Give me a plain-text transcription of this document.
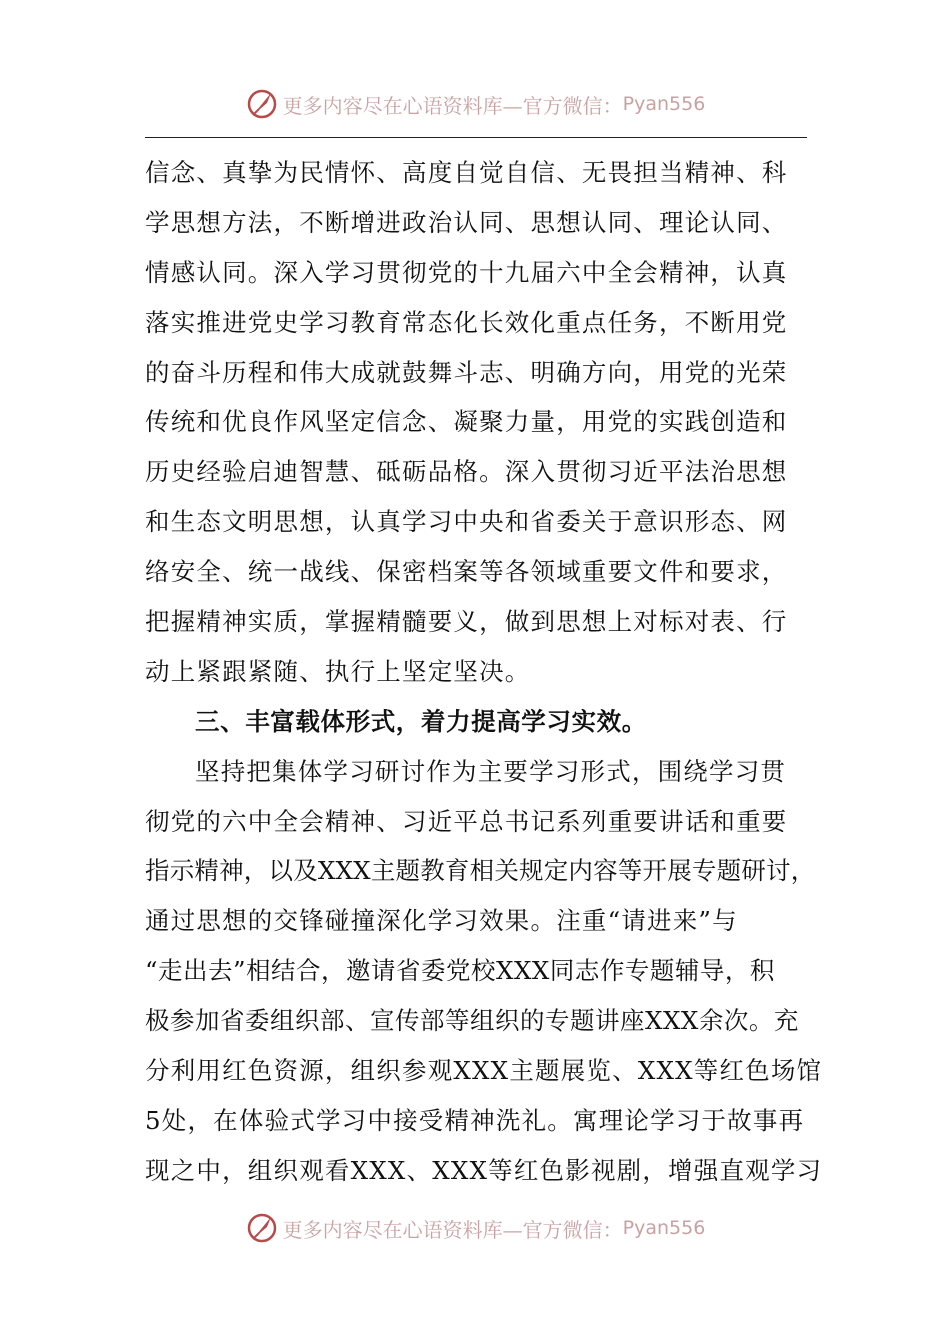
更多内容尽在心语资料库—官方微信： Pyan556
信念、真挚为民情怀、高度自觉自信、无畏担当精神、科
学思想方法，不断增进政治认同、思想认同、理论认同、
情感认同。深入学习贯彻党的十九届六中全会精神，认真
落实推进党史学习教育常态化长效化重点任务，不断用党
的奋斗历程和伟大成就鼓舞斗志、明确方向，用党的光荣
传统和优良作风坚定信念、凝聚力量，用党的实践创造和
历史经验启迪智慧、砥砺品格。深入贯彻习近平法治思想
和生态文明思想，认真学习中央和省委关于意识形态、网
络安全、统一战线、保密档案等各领域重要文件和要求，
把握精神实质，掌握精髓要义，做到思想上对标对表、行
动上紧跟紧随、执行上坚定坚决。
三、丰富载体形式，着力提高学习实效。
坚持把集体学习研讨作为主要学习形式，围绕学习贯
彻党的六中全会精神、习近平总书记系列重要讲话和重要
指示精神，以及XXX主题教育相关规定内容等开展专题研讨，
通过思想的交锋碰撞深化学习效果。注重“请进来”与
“走出去”相结合，邀请省委党校XXX同志作专题辅导，积
极参加省委组织部、宣传部等组织的专题讲座XXX余次。充
分利用红色资源，组织参观XXX主题展览、XXX等红色场馆
5处，在体验式学习中接受精神洗礼。寓理论学习于故事再
现之中，组织观看XXX、XXX等红色影视剧，增强直观学习
更多内容尽在心语资料库—官方微信： Pyan556
